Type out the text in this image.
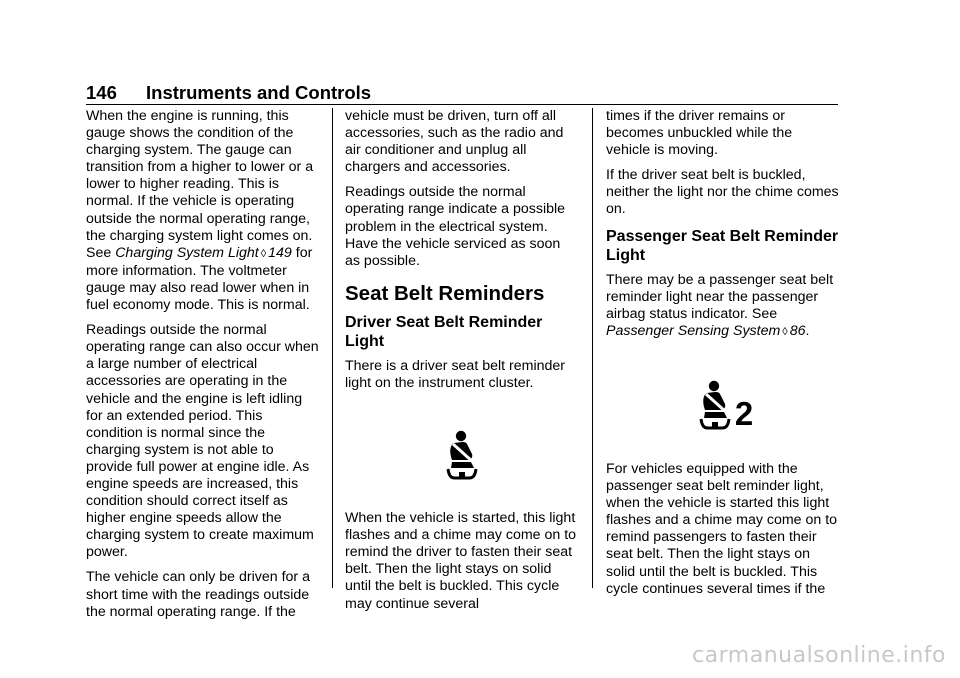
146 Instruments and Controls

When the engine is running, this gauge shows the condition of the charging system. The gauge can transition from a higher to lower or a lower to higher reading. This is normal. If the vehicle is operating outside the normal operating range, the charging system light comes on. See Charging System Light ◊ 149 for more information. The voltmeter gauge may also read lower when in fuel economy mode. This is normal.

Readings outside the normal operating range can also occur when a large number of electrical accessories are operating in the vehicle and the engine is left idling for an extended period. This condition is normal since the charging system is not able to provide full power at engine idle. As engine speeds are increased, this condition should correct itself as higher engine speeds allow the charging system to create maximum power.

The vehicle can only be driven for a short time with the readings outside the normal operating range. If the

vehicle must be driven, turn off all accessories, such as the radio and air conditioner and unplug all chargers and accessories.

Readings outside the normal operating range indicate a possible problem in the electrical system. Have the vehicle serviced as soon as possible.

Seat Belt Reminders
Driver Seat Belt Reminder Light

There is a driver seat belt reminder light on the instrument cluster.

When the vehicle is started, this light flashes and a chime may come on to remind the driver to fasten their seat belt. Then the light stays on solid until the belt is buckled. This cycle may continue several

times if the driver remains or becomes unbuckled while the vehicle is moving.

If the driver seat belt is buckled, neither the light nor the chime comes on.

Passenger Seat Belt Reminder Light

There may be a passenger seat belt reminder light near the passenger airbag status indicator. See Passenger Sensing System ◊ 86.

2

For vehicles equipped with the passenger seat belt reminder light, when the vehicle is started this light flashes and a chime may come on to remind passengers to fasten their seat belt. Then the light stays on solid until the belt is buckled. This cycle continues several times if the

carmanualsonline.info
